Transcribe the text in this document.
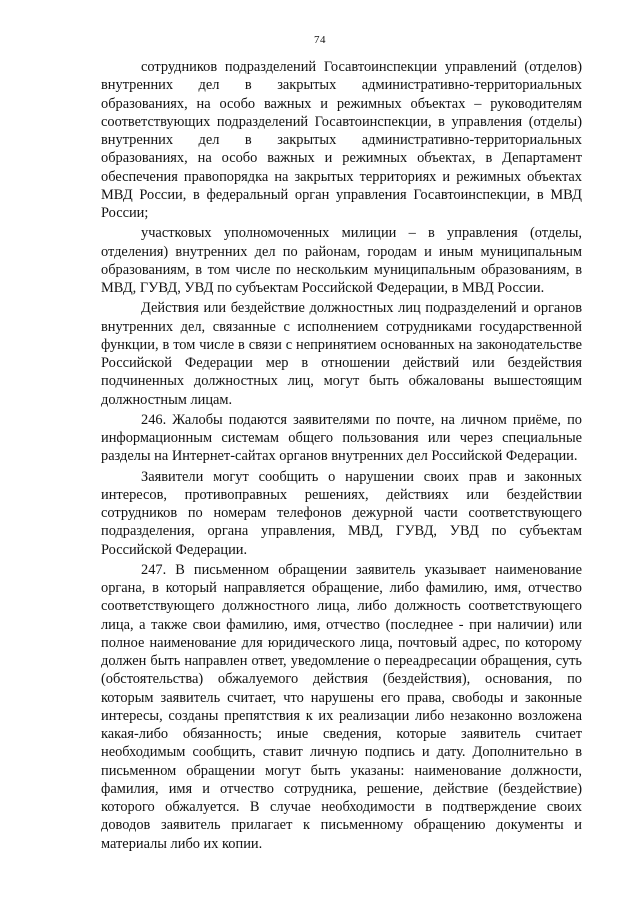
74

сотрудников подразделений Госавтоинспекции управлений (отделов) внутренних дел в закрытых административно-территориальных образованиях, на особо важных и режимных объектах – руководителям соответствующих подразделений Госавтоинспекции, в управления (отделы) внутренних дел в закрытых административно-территориальных образованиях, на особо важных и режимных объектах, в Департамент обеспечения правопорядка на закрытых территориях и режимных объектах МВД России, в федеральный орган управления Госавтоинспекции, в МВД России;

участковых уполномоченных милиции – в управления (отделы, отделения) внутренних дел по районам, городам и иным муниципальным образованиям, в том числе по нескольким муниципальным образованиям, в МВД, ГУВД, УВД по субъектам Российской Федерации, в МВД России.

Действия или бездействие должностных лиц подразделений и органов внутренних дел, связанные с исполнением сотрудниками государственной функции, в том числе в связи с непринятием основанных на законодательстве Российской Федерации мер в отношении действий или бездействия подчиненных должностных лиц, могут быть обжалованы вышестоящим должностным лицам.

246. Жалобы подаются заявителями по почте, на личном приёме, по информационным системам общего пользования или через специальные разделы на Интернет-сайтах органов внутренних дел Российской Федерации.

Заявители могут сообщить о нарушении своих прав и законных интересов, противоправных решениях, действиях или бездействии сотрудников по номерам телефонов дежурной части соответствующего подразделения, органа управления, МВД, ГУВД, УВД по субъектам Российской Федерации.

247. В письменном обращении заявитель указывает наименование органа, в который направляется обращение, либо фамилию, имя, отчество соответствующего должностного лица, либо должность соответствующего лица, а также свои фамилию, имя, отчество (последнее - при наличии) или полное наименование для юридического лица, почтовый адрес, по которому должен быть направлен ответ, уведомление о переадресации обращения, суть (обстоятельства) обжалуемого действия (бездействия), основания, по которым заявитель считает, что нарушены его права, свободы и законные интересы, созданы препятствия к их реализации либо незаконно возложена какая-либо обязанность; иные сведения, которые заявитель считает необходимым сообщить, ставит личную подпись и дату. Дополнительно в письменном обращении могут быть указаны: наименование должности, фамилия, имя и отчество сотрудника, решение, действие (бездействие) которого обжалуется. В случае необходимости в подтверждение своих доводов заявитель прилагает к письменному обращению документы и материалы либо их копии.
